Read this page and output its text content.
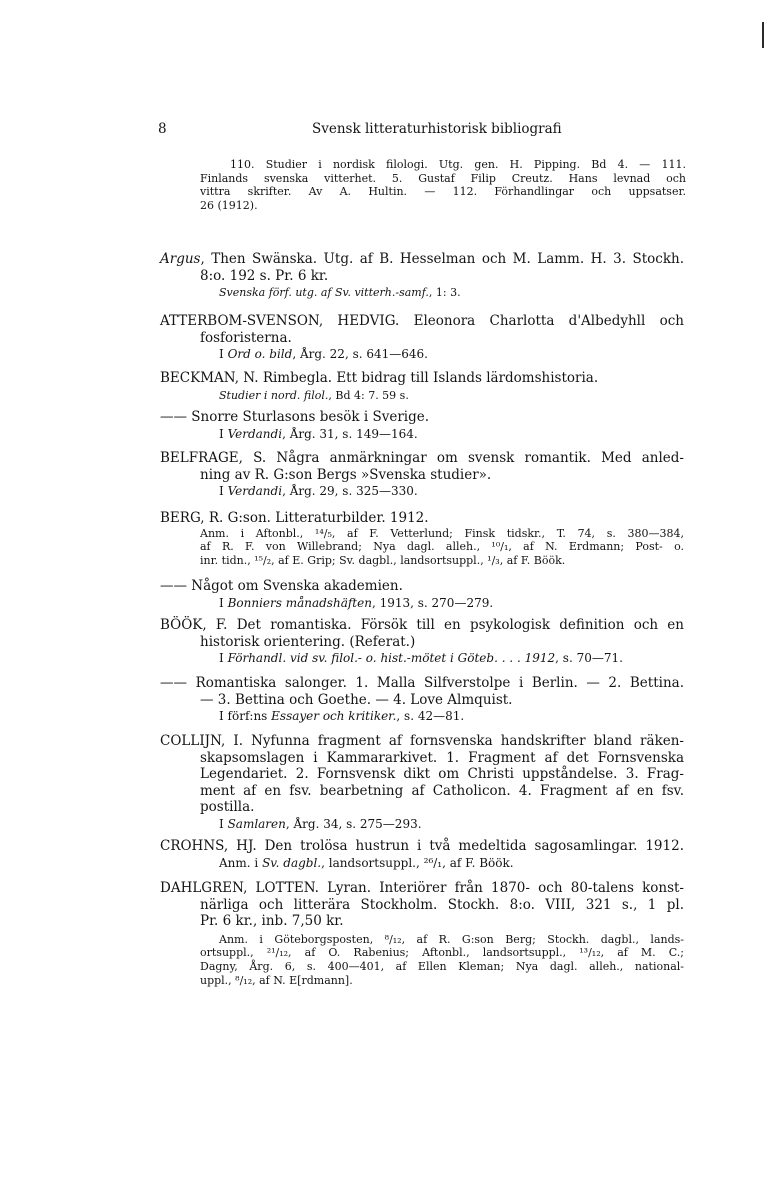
8	Svensk litteraturhistorisk bibliografi
110. Studier i nordisk filologi. Utg. gen. H. Pipping. Bd 4. — 111.
Finlands svenska vitterhet. 5. Gustaf Filip Creutz. Hans levnad och
vittra skrifter. Av A. Hultin. — 112. Förhandlingar och uppsatser.
26 (1912).
Argus, Then Swänska. Utg. af B. Hesselman och M. Lamm. H. 3. Stockh.
8:o. 192 s. Pr. 6 kr.
Svenska förf. utg. af Sv. vitterh.-samf., 1: 3.
ATTERBOM-SVENSON, HEDVIG. Eleonora Charlotta d'Albedyhll och
fosforisterna.
I Ord o. bild, Årg. 22, s. 641—646.
BECKMAN, N. Rimbegla. Ett bidrag till Islands lärdomshistoria.
Studier i nord. filol., Bd 4: 7. 59 s.
—— Snorre Sturlasons besök i Sverige.
I Verdandi, Årg. 31, s. 149—164.
BELFRAGE, S. Några anmärkningar om svensk romantik. Med anled-
ning av R. G:son Bergs »Svenska studier».
I Verdandi, Årg. 29, s. 325—330.
BERG, R. G:son. Litteraturbilder. 1912.
Anm. i Aftonbl., ¹⁴/₅, af F. Vetterlund; Finsk tidskr., T. 74, s. 380—384,
af R. F. von Willebrand; Nya dagl. alleh., ¹⁰/₁, af N. Erdmann; Post- o.
inr. tidn., ¹⁵/₂, af E. Grip; Sv. dagbl., landsortsuppl., ¹/₃, af F. Böök.
—— Något om Svenska akademien.
I Bonniers månadshäften, 1913, s. 270—279.
BÖÖK, F. Det romantiska. Försök till en psykologisk definition och en
historisk orientering. (Referat.)
I Förhandl. vid sv. filol.- o. hist.-mötet i Göteb. . . . 1912, s. 70—71.
—— Romantiska salonger. 1. Malla Silfverstolpe i Berlin. — 2. Bettina.
— 3. Bettina och Goethe. — 4. Love Almquist.
I förf:ns Essayer och kritiker., s. 42—81.
COLLIJN, I. Nyfunna fragment af fornsvenska handskrifter bland räken-
skapsomslagen i Kammararkivet. 1. Fragment af det Fornsvenska
Legendariet. 2. Fornsvensk dikt om Christi uppståndelse. 3. Frag-
ment af en fsv. bearbetning af Catholicon. 4. Fragment af en fsv.
postilla.
I Samlaren, Årg. 34, s. 275—293.
CROHNS, HJ. Den trolösa hustrun i två medeltida sagosamlingar. 1912.
Anm. i Sv. dagbl., landsortsuppl., ²⁶/₁, af F. Böök.
DAHLGREN, LOTTEN. Lyran. Interiörer från 1870- och 80-talens konst-
närliga och litterära Stockholm. Stockh. 8:o. VIII, 321 s., 1 pl.
Pr. 6 kr., inb. 7,50 kr.
Anm. i Göteborgsposten, ⁸/₁₂, af R. G:son Berg; Stockh. dagbl., lands-
ortsuppl., ²¹/₁₂, af O. Rabenius; Aftonbl., landsortsuppl., ¹³/₁₂, af M. C.;
Dagny, Årg. 6, s. 400—401, af Ellen Kleman; Nya dagl. alleh., national-
uppl., ⁸/₁₂, af N. E[rdmann].
